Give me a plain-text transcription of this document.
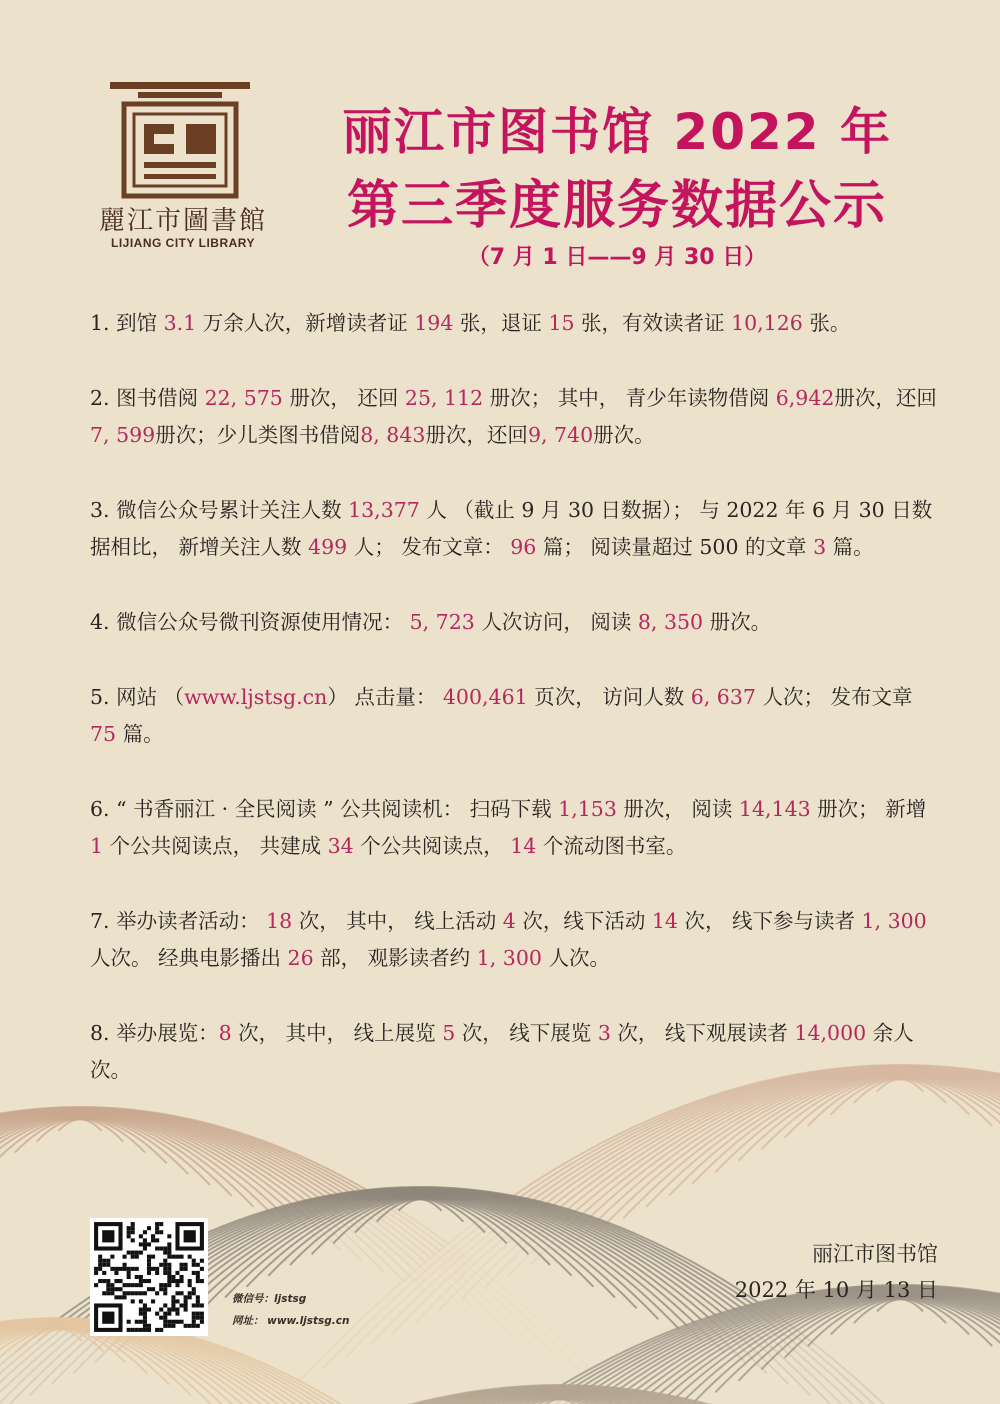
麗江市圖書館
LIJIANG CITY LIBRARY
丽江市图书馆 2022 年
第三季度服务数据公示
（7 月 1 日——9 月 30 日）
1. 到馆 3.1 万余人次，新增读者证 194 张，退证 15 张，有效读者证 10,126 张。
2. 图书借阅 22, 575 册次， 还回 25, 112 册次； 其中， 青少年读物借阅 6,942册次，还回7, 599册次；少儿类图书借阅8, 843册次，还回9, 740册次。
3. 微信公众号累计关注人数 13,377 人 （截止 9 月 30 日数据）； 与 2022 年 6 月 30 日数据相比， 新增关注人数 499 人； 发布文章： 96 篇； 阅读量超过 500 的文章 3 篇。
4. 微信公众号微刊资源使用情况： 5, 723 人次访问， 阅读 8, 350 册次。
5. 网站 （www.ljstsg.cn） 点击量： 400,461 页次， 访问人数 6, 637 人次； 发布文章 75 篇。
6. “ 书香丽江 · 全民阅读 ” 公共阅读机： 扫码下载 1,153 册次， 阅读 14,143 册次； 新增 1 个公共阅读点， 共建成 34 个公共阅读点， 14 个流动图书室。
7. 举办读者活动： 18 次， 其中， 线上活动 4 次，线下活动 14 次， 线下参与读者 1, 300 人次。 经典电影播出 26 部， 观影读者约 1, 300 人次。
8. 举办展览：8 次， 其中， 线上展览 5 次， 线下展览 3 次， 线下观展读者 14,000 余人次。
微信号：ljstsg
网址： www.ljstsg.cn
丽江市图书馆
2022 年 10 月 13 日
